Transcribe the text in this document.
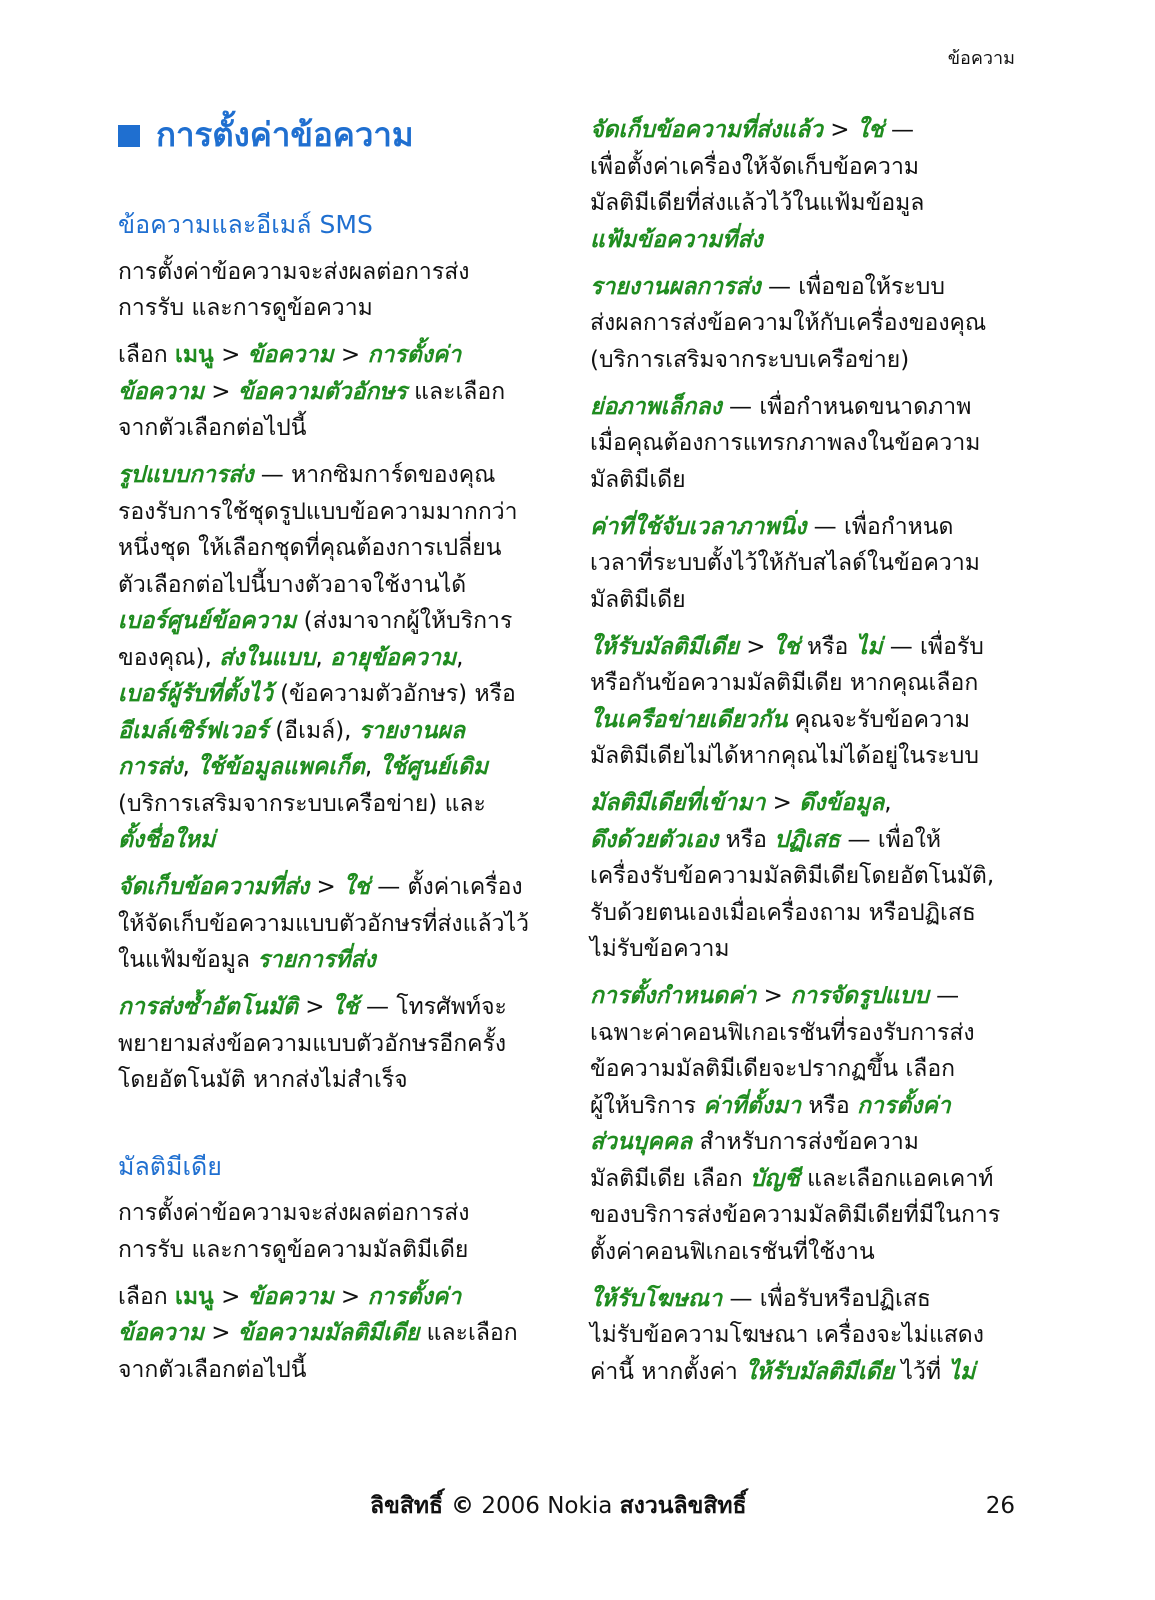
ข้อความ
การตั้งค่าข้อความ
ข้อความและอีเมล์ SMS
การตั้งค่าข้อความจะส่งผลต่อการส่ง
การรับ และการดูข้อความ
เลือก เมนู > ข้อความ > การตั้งค่า
ข้อความ > ข้อความตัวอักษร และเลือก
จากตัวเลือกต่อไปนี้
รูปแบบการส่ง — หากซิมการ์ดของคุณ
รองรับการใช้ชุดรูปแบบข้อความมากกว่า
หนึ่งชุด ให้เลือกชุดที่คุณต้องการเปลี่ยน
ตัวเลือกต่อไปนี้บางตัวอาจใช้งานได้
เบอร์ศูนย์ข้อความ (ส่งมาจากผู้ให้บริการ
ของคุณ), ส่งในแบบ, อายุข้อความ,
เบอร์ผู้รับที่ตั้งไว้ (ข้อความตัวอักษร) หรือ
อีเมล์เซิร์ฟเวอร์ (อีเมล์), รายงานผล
การส่ง, ใช้ข้อมูลแพคเก็ต, ใช้ศูนย์เดิม
(บริการเสริมจากระบบเครือข่าย) และ
ตั้งชื่อใหม่
จัดเก็บข้อความที่ส่ง > ใช่ — ตั้งค่าเครื่อง
ให้จัดเก็บข้อความแบบตัวอักษรที่ส่งแล้วไว้
ในแฟ้มข้อมูล รายการที่ส่ง
การส่งซ้ำอัตโนมัติ > ใช้ — โทรศัพท์จะ
พยายามส่งข้อความแบบตัวอักษรอีกครั้ง
โดยอัตโนมัติ หากส่งไม่สำเร็จ
มัลติมีเดีย
การตั้งค่าข้อความจะส่งผลต่อการส่ง
การรับ และการดูข้อความมัลติมีเดีย
เลือก เมนู > ข้อความ > การตั้งค่า
ข้อความ > ข้อความมัลติมีเดีย และเลือก
จากตัวเลือกต่อไปนี้
จัดเก็บข้อความที่ส่งแล้ว > ใช่ —
เพื่อตั้งค่าเครื่องให้จัดเก็บข้อความ
มัลติมีเดียที่ส่งแล้วไว้ในแฟ้มข้อมูล
แฟ้มข้อความที่ส่ง
รายงานผลการส่ง — เพื่อขอให้ระบบ
ส่งผลการส่งข้อความให้กับเครื่องของคุณ
(บริการเสริมจากระบบเครือข่าย)
ย่อภาพเล็กลง — เพื่อกำหนดขนาดภาพ
เมื่อคุณต้องการแทรกภาพลงในข้อความ
มัลติมีเดีย
ค่าที่ใช้จับเวลาภาพนิ่ง — เพื่อกำหนด
เวลาที่ระบบตั้งไว้ให้กับสไลด์ในข้อความ
มัลติมีเดีย
ให้รับมัลติมีเดีย > ใช่ หรือ ไม่ — เพื่อรับ
หรือกันข้อความมัลติมีเดีย หากคุณเลือก
ในเครือข่ายเดียวกัน คุณจะรับข้อความ
มัลติมีเดียไม่ได้หากคุณไม่ได้อยู่ในระบบ
มัลติมีเดียที่เข้ามา > ดึงข้อมูล,
ดึงด้วยตัวเอง หรือ ปฏิเสธ — เพื่อให้
เครื่องรับข้อความมัลติมีเดียโดยอัตโนมัติ,
รับด้วยตนเองเมื่อเครื่องถาม หรือปฏิเสธ
ไม่รับข้อความ
การตั้งกำหนดค่า > การจัดรูปแบบ —
เฉพาะค่าคอนฟิเกอเรชันที่รองรับการส่ง
ข้อความมัลติมีเดียจะปรากฏขึ้น เลือก
ผู้ให้บริการ ค่าที่ตั้งมา หรือ การตั้งค่า
ส่วนบุคคล สำหรับการส่งข้อความ
มัลติมีเดีย เลือก บัญชี และเลือกแอคเคาท์
ของบริการส่งข้อความมัลติมีเดียที่มีในการ
ตั้งค่าคอนฟิเกอเรชันที่ใช้งาน
ให้รับโฆษณา — เพื่อรับหรือปฏิเสธ
ไม่รับข้อความโฆษณา เครื่องจะไม่แสดง
ค่านี้ หากตั้งค่า ให้รับมัลติมีเดีย ไว้ที่ ไม่
ลิขสิทธิ์ © 2006 Nokia สงวนลิขสิทธิ์	26
